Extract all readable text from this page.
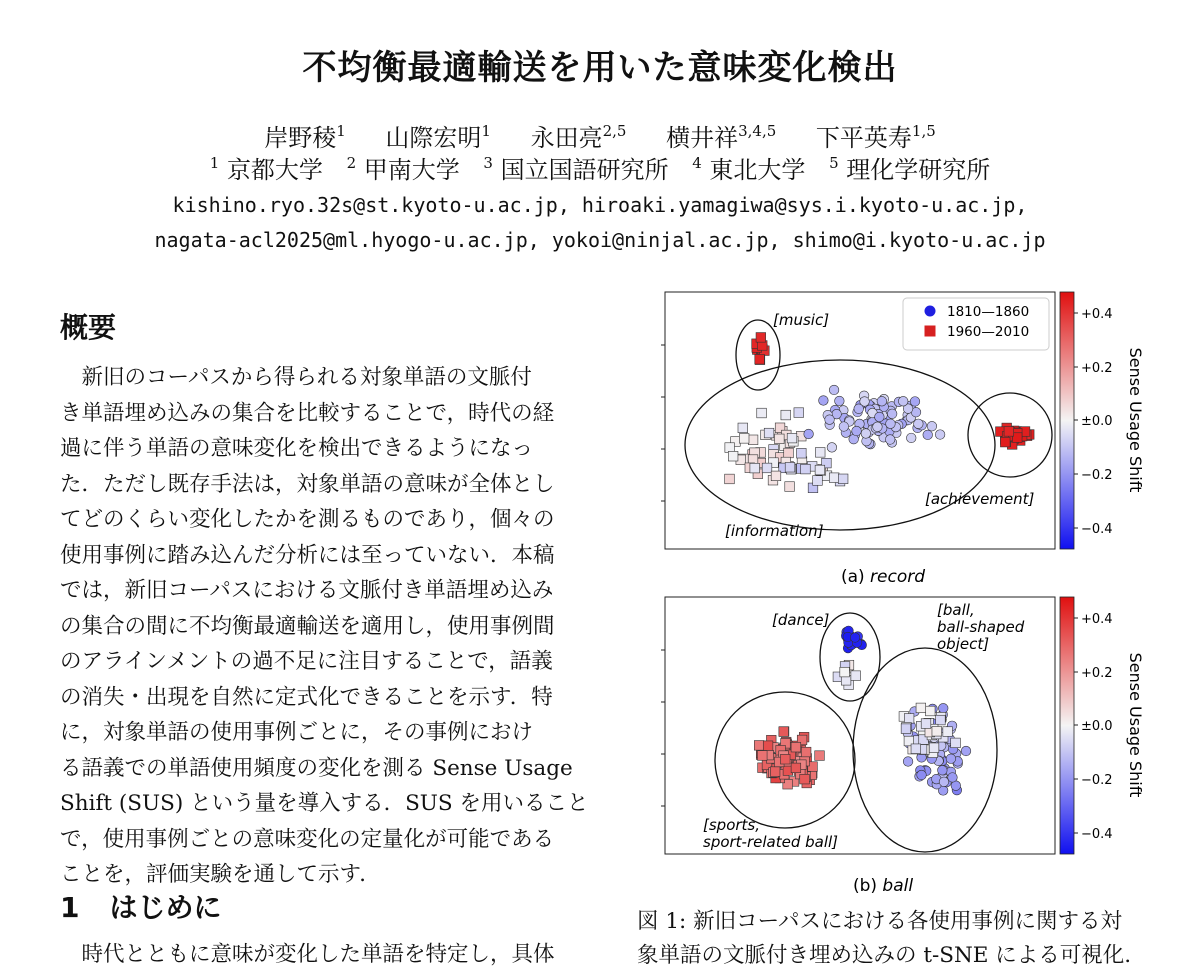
不均衡最適輸送を用いた意味変化検出
岸野稜$^1$ 山際宏明$^1$ 永田亮$^{2,5}$ 横井祥$^{3,4,5}$ 下平英寿$^{1,5}$
$^1$ 京都大学 $^2$ 甲南大学 $^3$ 国立国語研究所 $^4$ 東北大学 $^5$ 理化学研究所
kishino.ryo.32s@st.kyoto-u.ac.jp, hiroaki.yamagiwa@sys.i.kyoto-u.ac.jp,
nagata-acl2025@ml.hyogo-u.ac.jp, yokoi@ninjal.ac.jp, shimo@i.kyoto-u.ac.jp
概要
　新旧のコーパスから得られる対象単語の文脈付
き単語埋め込みの集合を比較することで，時代の経
過に伴う単語の意味変化を検出できるようになっ
た．ただし既存手法は，対象単語の意味が全体とし
てどのくらい変化したかを測るものであり，個々の
使用事例に踏み込んだ分析には至っていない．本稿
では，新旧コーパスにおける文脈付き単語埋め込み
の集合の間に不均衡最適輸送を適用し，使用事例間
のアラインメントの過不足に注目することで，語義
の消失・出現を自然に定式化できることを示す．特
に，対象単語の使用事例ごとに，その事例におけ
る語義での単語使用頻度の変化を測る Sense Usage
Shift (SUS) という量を導入する．SUS を用いること
で，使用事例ごとの意味変化の定量化が可能である
ことを，評価実験を通して示す．
1 はじめに
　時代とともに意味が変化した単語を特定し，具体
[music]
[information]
[achievement]
1810—1860
1960—2010
+0.4
+0.2
±0.0
−0.2
−0.4
Sense Usage Shift
(a) record
[dance]
[ball, ball-shaped object]
[sports, sport-related ball]
+0.4
+0.2
±0.0
−0.2
−0.4
Sense Usage Shift
(b) ball
図 1: 新旧コーパスにおける各使用事例に関する対
象単語の文脈付き埋め込みの t-SNE による可視化.
